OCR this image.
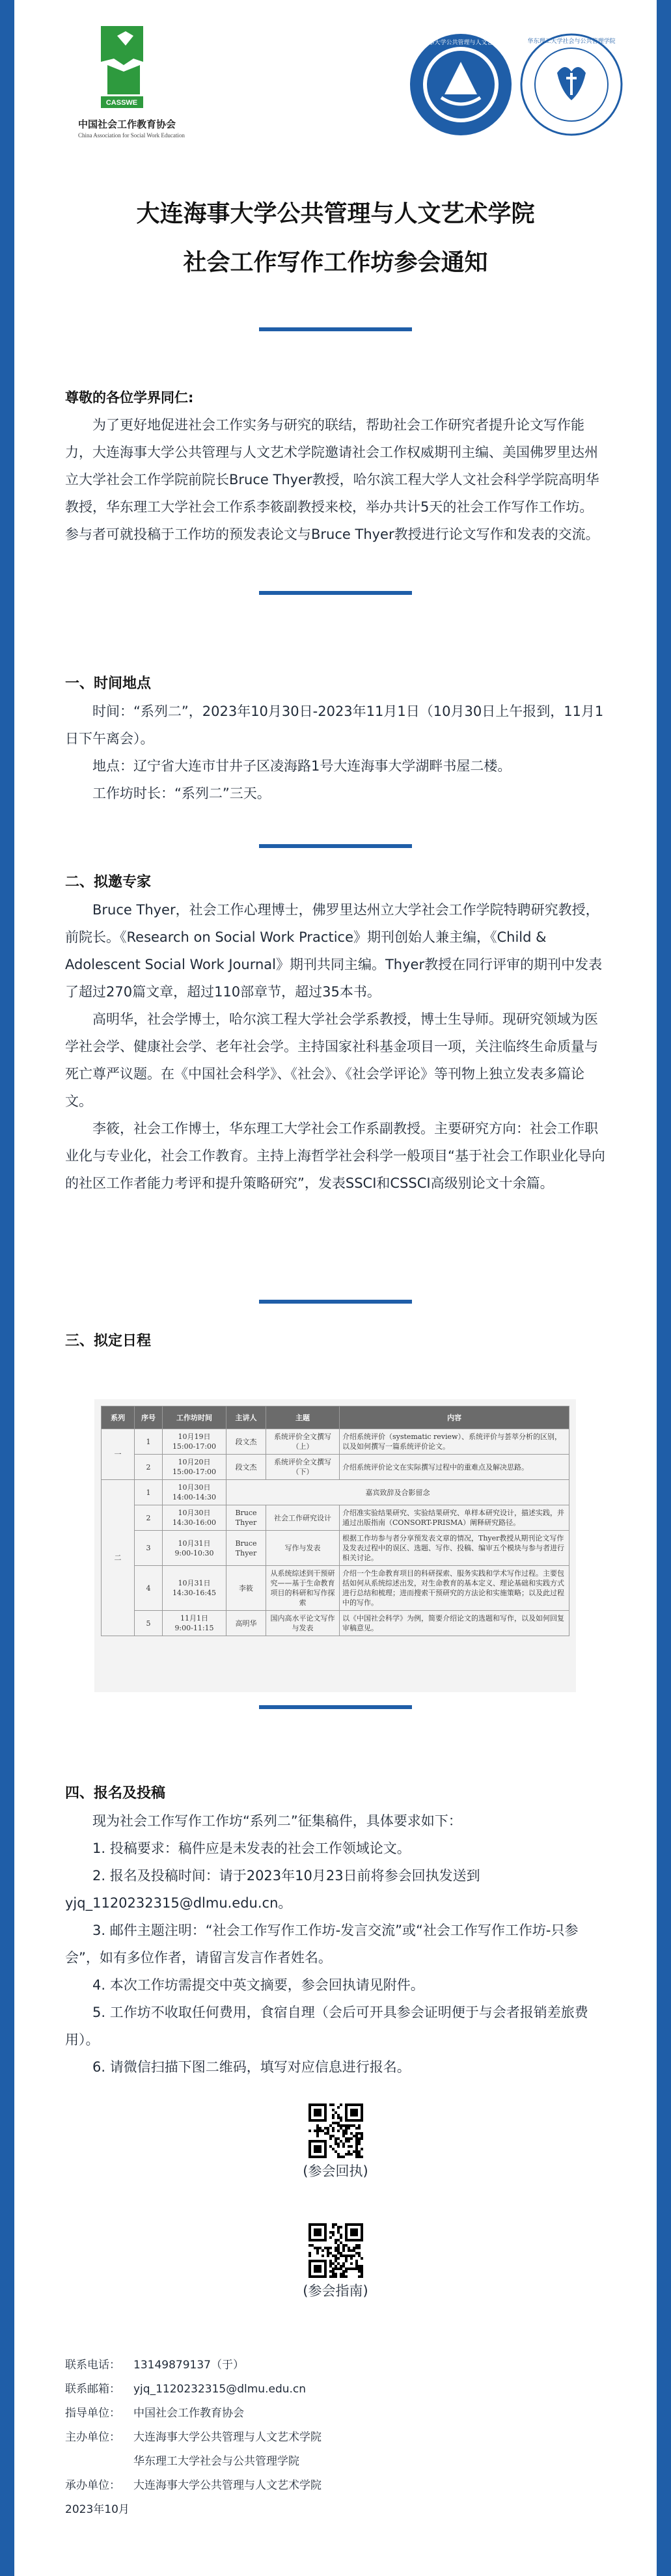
CASSWE
中国社会工作教育协会
China Association for Social Work Education
大连海事大学公共管理与人文艺术学院	华东理工大学社会与公共管理学院
大连海事大学公共管理与人文艺术学院
社会工作写作工作坊参会通知

尊敬的各位学界同仁:

为了更好地促进社会工作实务与研究的联结，帮助社会工作研究者提升论文写作能力，大连海事大学公共管理与人文艺术学院邀请社会工作权威期刊主编、美国佛罗里达州立大学社会工作学院前院长Bruce Thyer教授，哈尔滨工程大学人文社会科学学院高明华教授，华东理工大学社会工作系李筱副教授来校，举办共计5天的社会工作写作工作坊。参与者可就投稿于工作坊的预发表论文与Bruce Thyer教授进行论文写作和发表的交流。

一、时间地点

时间：“系列二”，2023年10月30日-2023年11月1日（10月30日上午报到，11月1日下午离会）。

地点：辽宁省大连市甘井子区凌海路1号大连海事大学湖畔书屋二楼。

工作坊时长：“系列二”三天。

二、拟邀专家

Bruce Thyer，社会工作心理博士，佛罗里达州立大学社会工作学院特聘研究教授，前院长。《Research on Social Work Practice》期刊创始人兼主编，《Child & Adolescent Social Work Journal》期刊共同主编。Thyer教授在同行评审的期刊中发表了超过270篇文章，超过110部章节，超过35本书。

高明华，社会学博士，哈尔滨工程大学社会学系教授，博士生导师。现研究领域为医学社会学、健康社会学、老年社会学。主持国家社科基金项目一项，关注临终生命质量与死亡尊严议题。在《中国社会科学》、《社会》、《社会学评论》等刊物上独立发表多篇论文。

李筱，社会工作博士，华东理工大学社会工作系副教授。主要研究方向：社会工作职业化与专业化，社会工作教育。主持上海哲学社会科学一般项目“基于社会工作职业化导向的社区工作者能力考评和提升策略研究”，发表SSCI和CSSCI高级别论文十余篇。

三、拟定日程

系列	序号	工作坊时间	主讲人	主题	内容
一	1	10月19日
15:00-17:00	段文杰	系统评价全文撰写（上）	介绍系统评价（systematic review）、系统评价与荟萃分析的区别，以及如何撰写一篇系统评价论文。
	2	10月20日
15:00-17:00	段文杰	系统评价全文撰写（下）	介绍系统评价论文在实际撰写过程中的重难点及解决思路。
二	1	10月30日
14:00-14:30	嘉宾致辞及合影留念		
	2	10月30日
14:30-16:00	Bruce
Thyer	社会工作研究设计	介绍准实验结果研究、实验结果研究、单样本研究设计，描述实践，并通过出版指南（CONSORT-PRISMA）阐释研究路径。
	3	10月31日
9:00-10:30	Bruce
Thyer	写作与发表	根据工作坊参与者分享预发表文章的情况，Thyer教授从期刊论文写作及发表过程中的误区、选题、写作、投稿、编审五个模块与参与者进行相关讨论。
	4	10月31日
14:30-16:45	李筱	从系统综述到干预研究——基于生命教育项目的科研和写作探索	介绍一个生命教育项目的科研探索、服务实践和学术写作过程。主要包括如何从系统综述出发，对生命教育的基本定义、理论基础和实践方式进行总结和梳理；进而搜索干预研究的方法论和实施策略；以及此过程中的写作。
	5	11月1日
9:00-11:15	高明华	国内高水平论文写作与发表	以《中国社会科学》为例，简要介绍论文的选题和写作，以及如何回复审稿意见。

四、报名及投稿

现为社会工作写作工作坊“系列二”征集稿件，具体要求如下：

1. 投稿要求：稿件应是未发表的社会工作领域论文。

2. 报名及投稿时间：请于2023年10月23日前将参会回执发送到yjq_1120232315@dlmu.edu.cn。

3. 邮件主题注明：“社会工作写作工作坊-发言交流”或“社会工作写作工作坊-只参会”，如有多位作者，请留言发言作者姓名。

4. 本次工作坊需提交中英文摘要，参会回执请见附件。

5. 工作坊不收取任何费用，食宿自理（会后可开具参会证明便于与会者报销差旅费用）。

6. 请微信扫描下图二维码，填写对应信息进行报名。

(参会回执)
(参会指南)
联系电话：	13149879137（于）
联系邮箱：	yjq_1120232315@dlmu.edu.cn
指导单位：	中国社会工作教育协会
主办单位：	大连海事大学公共管理与人文艺术学院
华东理工大学社会与公共管理学院
承办单位：	大连海事大学公共管理与人文艺术学院
2023年10月
